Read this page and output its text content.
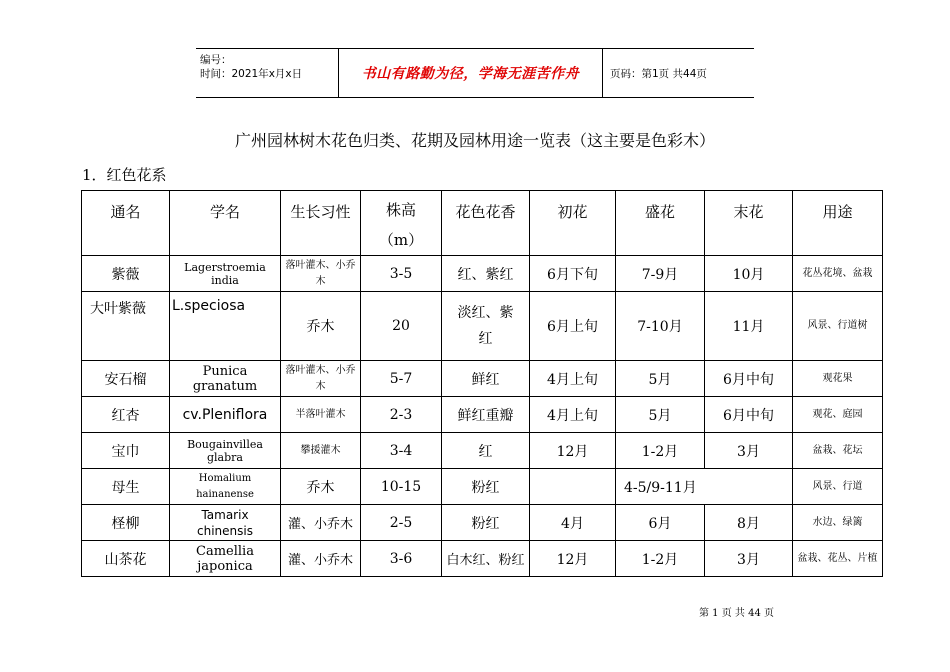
编号：
时间：2021年x月x日	书山有路勤为径，学海无涯苦作舟	页码：第1页 共44页
广州园林树木花色归类、花期及园林用途一览表（这主要是色彩木）
1．红色花系
通名	学名	生长习性	株高
（m）	花色花香	初花	盛花	末花	用途
紫薇	Lagerstroemia india	落叶灌木、小乔木	3-5	红、紫红	6月下旬	7-9月	10月	花丛花境、盆栽
大叶紫薇	L.speciosa	乔木	20	淡红、紫红	6月上旬	7-10月	11月	风景、行道树
安石榴	Punica granatum	落叶灌木、小乔木	5-7	鲜红	4月上旬	5月	6月中旬	观花果
红杏	cv.Pleniflora	半落叶灌木	2-3	鲜红重瓣	4月上旬	5月	6月中旬	观花、庭园
宝巾	Bougainvillea glabra	攀援灌木	3-4	红	12月	1-2月	3月	盆栽、花坛
母生	Homalium hainanense	乔木	10-15	粉红		4-5/9-11月		风景、行道
柽柳	Tamarix chinensis	灌、小乔木	2-5	粉红	4月	6月	8月	水边、绿篱
山茶花	Camellia japonica	灌、小乔木	3-6	白木红、粉红	12月	1-2月	3月	盆栽、花丛、片植
第 1 页 共 44 页
